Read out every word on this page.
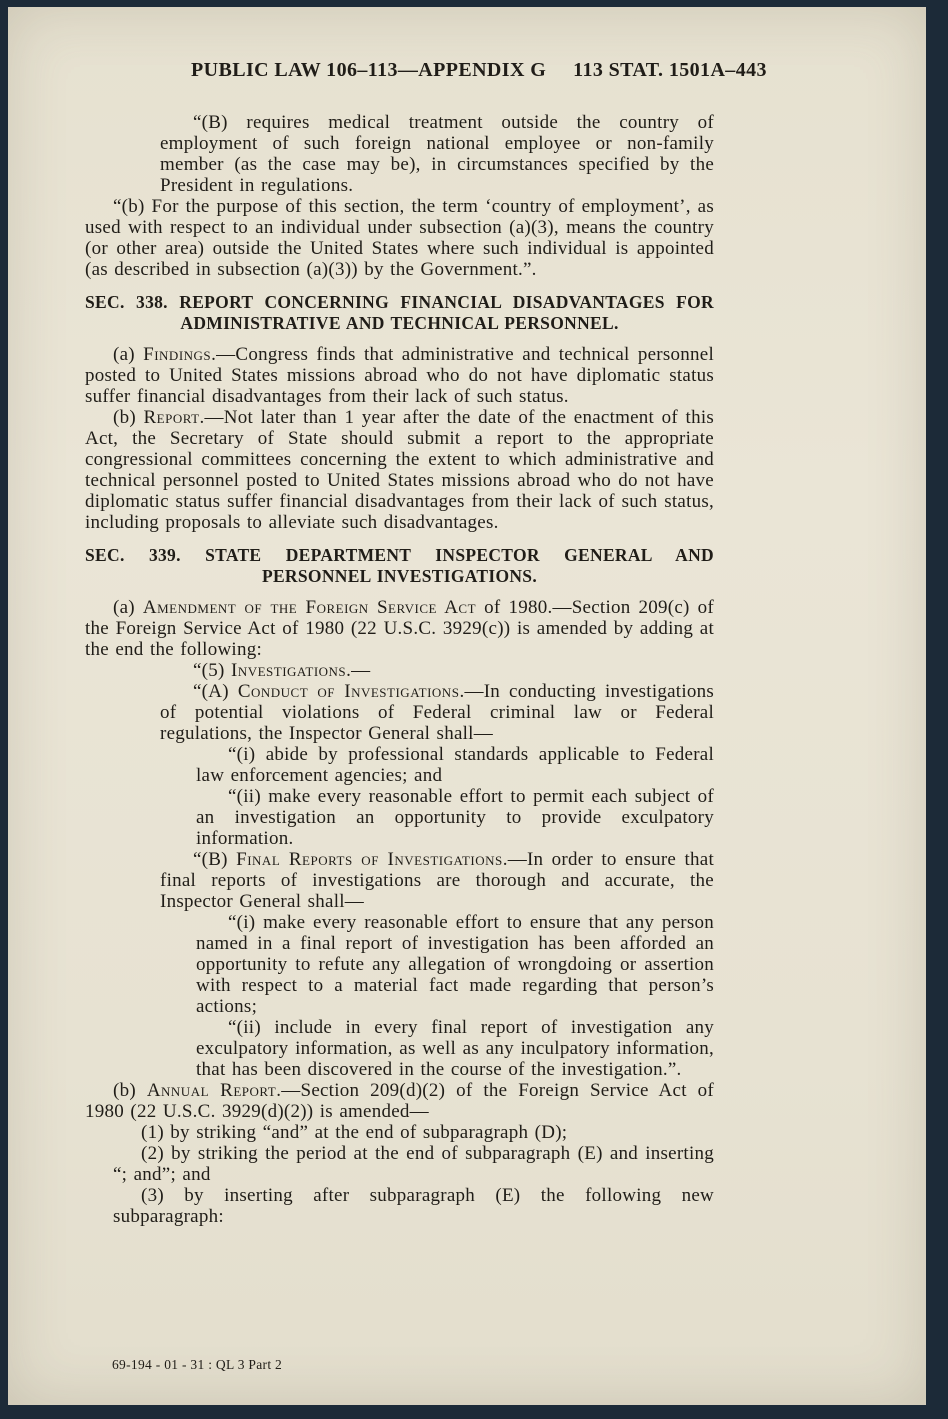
PUBLIC LAW 106–113—APPENDIX G 113 STAT. 1501A–443

“(B) requires medical treatment outside the country of employment of such foreign national employee or non-family member (as the case may be), in circumstances specified by the President in regulations.

“(b) For the purpose of this section, the term ‘country of employment’, as used with respect to an individual under subsection (a)(3), means the country (or other area) outside the United States where such individual is appointed (as described in subsection (a)(3)) by the Government.”.

SEC. 338. REPORT CONCERNING FINANCIAL DISADVANTAGES FOR ADMINISTRATIVE AND TECHNICAL PERSONNEL.

(a) Findings.—Congress finds that administrative and technical personnel posted to United States missions abroad who do not have diplomatic status suffer financial disadvantages from their lack of such status.

(b) Report.—Not later than 1 year after the date of the enactment of this Act, the Secretary of State should submit a report to the appropriate congressional committees concerning the extent to which administrative and technical personnel posted to United States missions abroad who do not have diplomatic status suffer financial disadvantages from their lack of such status, including proposals to alleviate such disadvantages.

SEC. 339. STATE DEPARTMENT INSPECTOR GENERAL AND PERSONNEL INVESTIGATIONS.

(a) Amendment of the Foreign Service Act of 1980.—Section 209(c) of the Foreign Service Act of 1980 (22 U.S.C. 3929(c)) is amended by adding at the end the following:

“(5) Investigations.—

“(A) Conduct of Investigations.—In conducting investigations of potential violations of Federal criminal law or Federal regulations, the Inspector General shall—

“(i) abide by professional standards applicable to Federal law enforcement agencies; and

“(ii) make every reasonable effort to permit each subject of an investigation an opportunity to provide exculpatory information.

“(B) Final Reports of Investigations.—In order to ensure that final reports of investigations are thorough and accurate, the Inspector General shall—

“(i) make every reasonable effort to ensure that any person named in a final report of investigation has been afforded an opportunity to refute any allegation of wrongdoing or assertion with respect to a material fact made regarding that person’s actions;

“(ii) include in every final report of investigation any exculpatory information, as well as any inculpatory information, that has been discovered in the course of the investigation.”.

(b) Annual Report.—Section 209(d)(2) of the Foreign Service Act of 1980 (22 U.S.C. 3929(d)(2)) is amended—

(1) by striking “and” at the end of subparagraph (D);

(2) by striking the period at the end of subparagraph (E) and inserting “; and”; and

(3) by inserting after subparagraph (E) the following new subparagraph:

69-194 - 01 - 31 : QL 3 Part 2
